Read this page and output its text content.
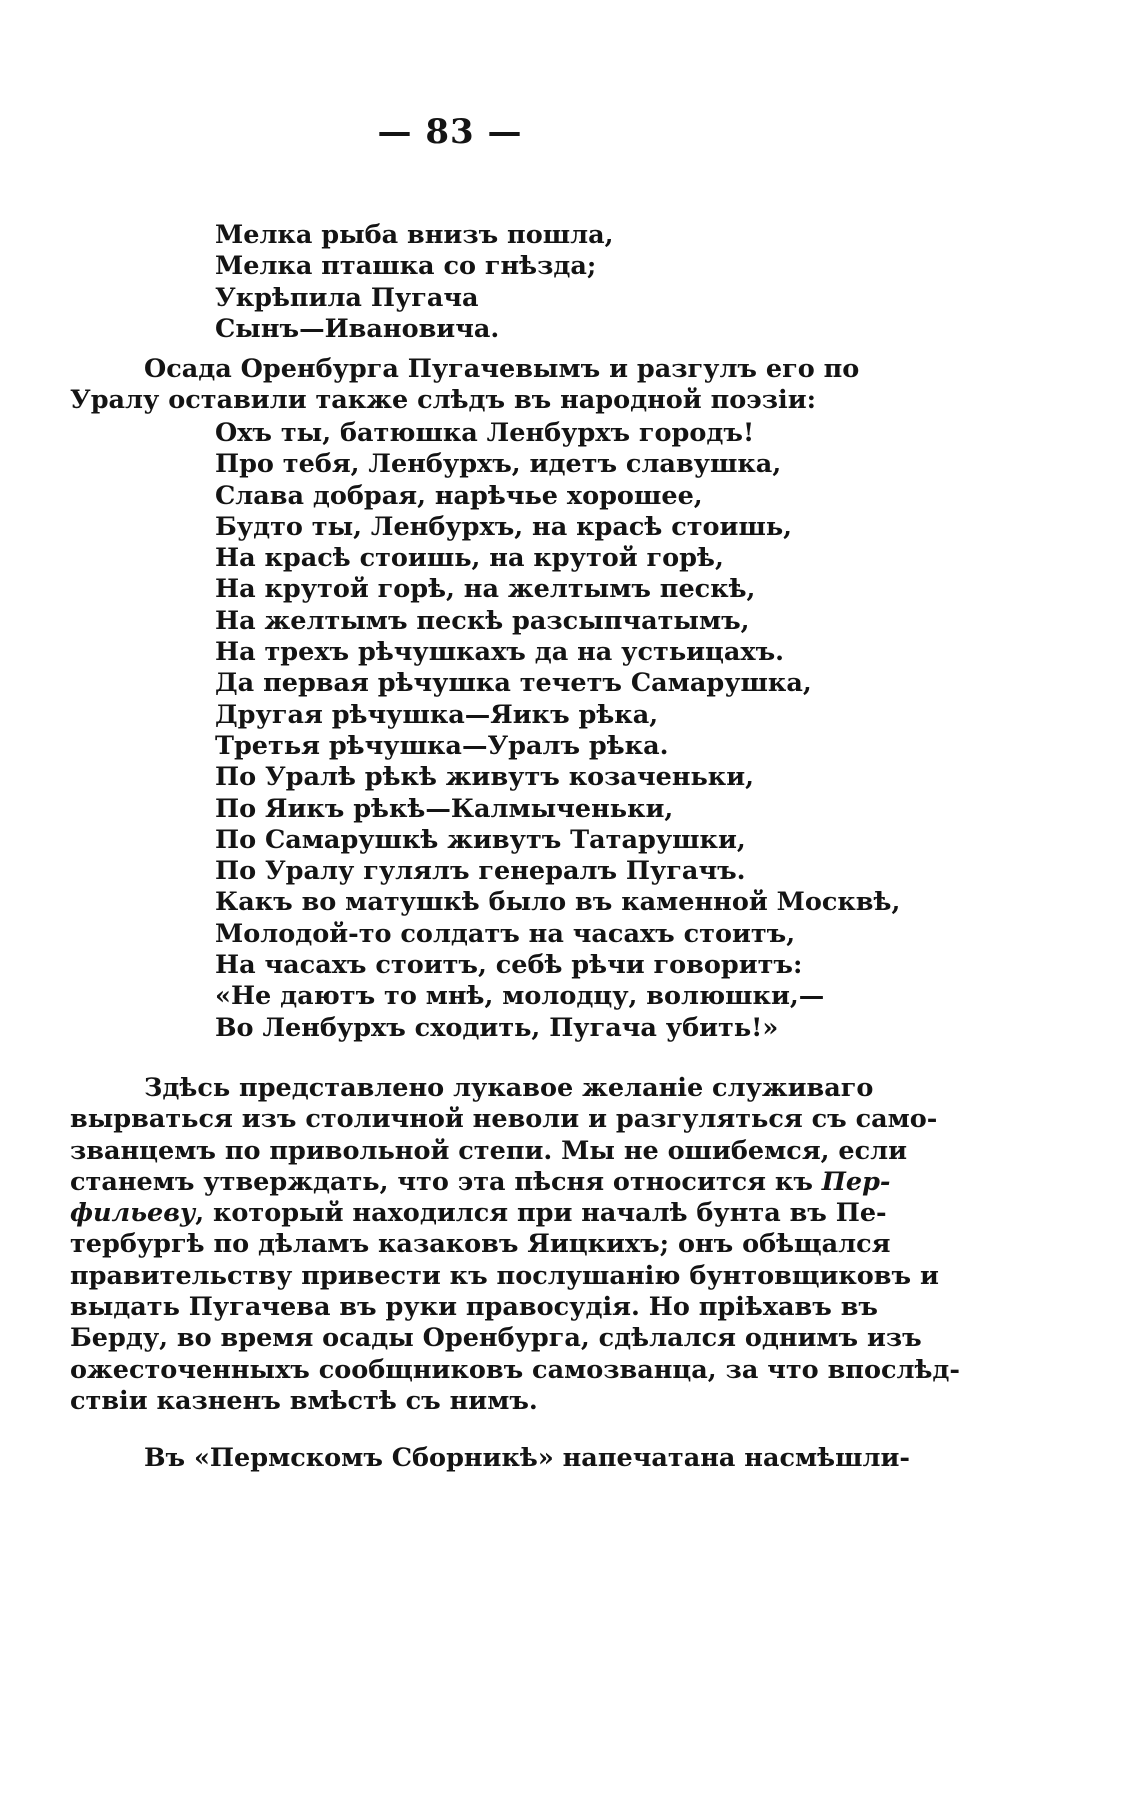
— 83 —
Мелка рыба внизъ пошла,
Мелка пташка со гнѣзда;
Укрѣпила Пугача
Сынъ—Ивановича.
Осада Оренбурга Пугачевымъ и разгулъ его по
Уралу оставили также слѣдъ въ народной поэзіи:
Охъ ты, батюшка Ленбурхъ городъ!
Про тебя, Ленбурхъ, идетъ славушка,
Слава добрая, нарѣчье хорошее,
Будто ты, Ленбурхъ, на красѣ стоишь,
На красѣ стоишь, на крутой горѣ,
На крутой горѣ, на желтымъ пескѣ,
На желтымъ пескѣ разсыпчатымъ,
На трехъ рѣчушкахъ да на устьицахъ.
Да первая рѣчушка течетъ Самарушка,
Другая рѣчушка—Яикъ рѣка,
Третья рѣчушка—Уралъ рѣка.
По Уралѣ рѣкѣ живутъ козаченьки,
По Яикъ рѣкѣ—Калмыченьки,
По Самарушкѣ живутъ Татарушки,
По Уралу гулялъ генералъ Пугачъ.
Какъ во матушкѣ было въ каменной Москвѣ,
Молодой-то солдатъ на часахъ стоитъ,
На часахъ стоитъ, себѣ рѣчи говоритъ:
«Не даютъ то мнѣ, молодцу, волюшки,—
Во Ленбурхъ сходить, Пугача убить!»
Здѣсь представлено лукавое желаніе служиваго
вырваться изъ столичной неволи и разгуляться съ само-
званцемъ по привольной степи. Мы не ошибемся, если
станемъ утверждать, что эта пѣсня относится къ Пер-
фильеву, который находился при началѣ бунта въ Пе-
тербургѣ по дѣламъ казаковъ Яицкихъ; онъ обѣщался
правительству привести къ послушанію бунтовщиковъ и
выдать Пугачева въ руки правосудія. Но пріѣхавъ въ
Берду, во время осады Оренбурга, сдѣлался однимъ изъ
ожесточенныхъ сообщниковъ самозванца, за что впослѣд-
ствіи казненъ вмѣстѣ съ нимъ.
Въ «Пермскомъ Сборникѣ» напечатана насмѣшли-
